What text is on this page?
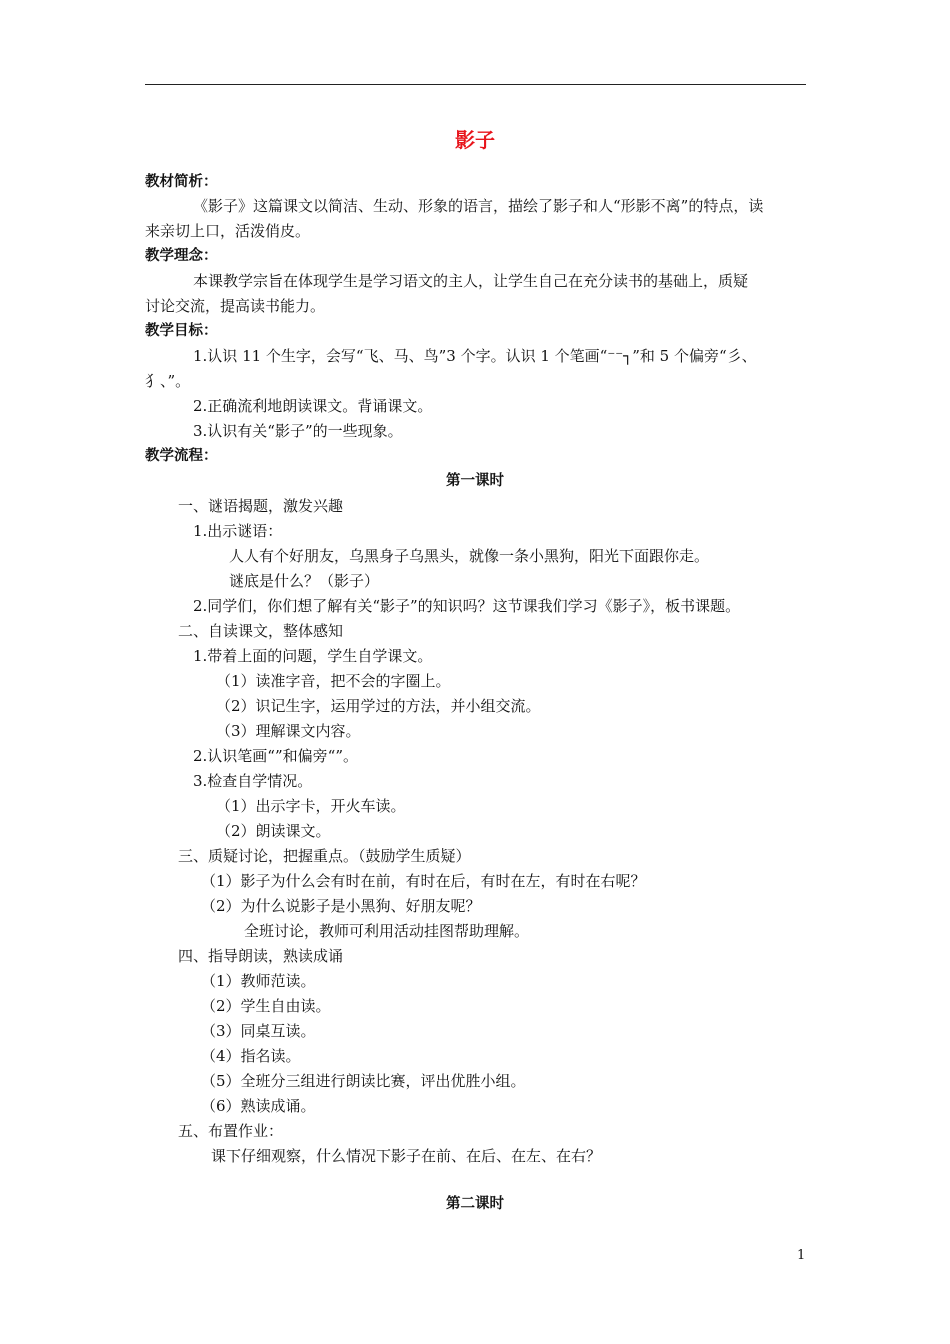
影子
教材简析：
《影子》这篇课文以简洁、生动、形象的语言，描绘了影子和人“形影不离”的特点，读
来亲切上口，活泼俏皮。
教学理念：
本课教学宗旨在体现学生是学习语文的主人，让学生自己在充分读书的基础上，质疑
讨论交流，提高读书能力。
教学目标：
1.认识 11 个生字，会写“飞、马、鸟”3 个字。认识 1 个笔画“⁻⁻┐”和 5 个偏旁“彡、
犭、”。
2.正确流利地朗读课文。背诵课文。
3.认识有关“影子”的一些现象。
教学流程：
第一课时
一、谜语揭题，激发兴趣
1.出示谜语：
人人有个好朋友，乌黑身子乌黑头，就像一条小黑狗，阳光下面跟你走。
谜底是什么？（影子）
2.同学们，你们想了解有关“影子”的知识吗？这节课我们学习《影子》，板书课题。
二、自读课文，整体感知
1.带着上面的问题，学生自学课文。
（1）读准字音，把不会的字圈上。
（2）识记生字，运用学过的方法，并小组交流。
（3）理解课文内容。
2.认识笔画“”和偏旁“”。
3.检查自学情况。
（1）出示字卡，开火车读。
（2）朗读课文。
三、质疑讨论，把握重点。（鼓励学生质疑）
（1）影子为什么会有时在前，有时在后，有时在左，有时在右呢？
（2）为什么说影子是小黑狗、好朋友呢？
全班讨论，教师可利用活动挂图帮助理解。
四、指导朗读，熟读成诵
（1）教师范读。
（2）学生自由读。
（3）同桌互读。
（4）指名读。
（5）全班分三组进行朗读比赛，评出优胜小组。
（6）熟读成诵。
五、布置作业：
课下仔细观察，什么情况下影子在前、在后、在左、在右？
第二课时
1
